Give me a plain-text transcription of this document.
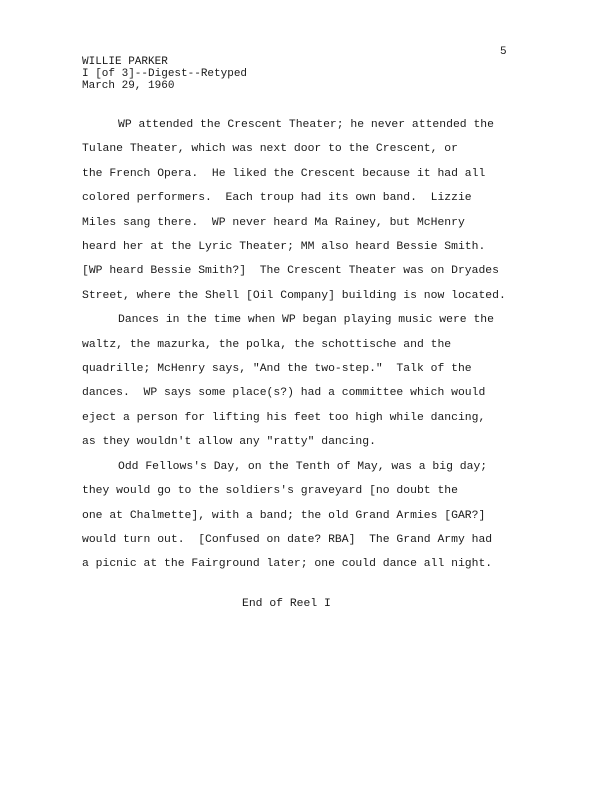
5
WILLIE PARKER
I [of 3]--Digest--Retyped
March 29, 1960
WP attended the Crescent Theater; he never attended the
Tulane Theater, which was next door to the Crescent, or
the French Opera.  He liked the Crescent because it had all
colored performers.  Each troup had its own band.  Lizzie
Miles sang there.  WP never heard Ma Rainey, but McHenry
heard her at the Lyric Theater; MM also heard Bessie Smith.
[WP heard Bessie Smith?]  The Crescent Theater was on Dryades
Street, where the Shell [Oil Company] building is now located.
Dances in the time when WP began playing music were the
waltz, the mazurka, the polka, the schottische and the
quadrille; McHenry says, "And the two-step."  Talk of the
dances.  WP says some place(s?) had a committee which would
eject a person for lifting his feet too high while dancing,
as they wouldn't allow any "ratty" dancing.
Odd Fellows's Day, on the Tenth of May, was a big day;
they would go to the soldiers's graveyard [no doubt the
one at Chalmette], with a band; the old Grand Armies [GAR?]
would turn out.  [Confused on date? RBA]  The Grand Army had
a picnic at the Fairground later; one could dance all night.
End of Reel I
